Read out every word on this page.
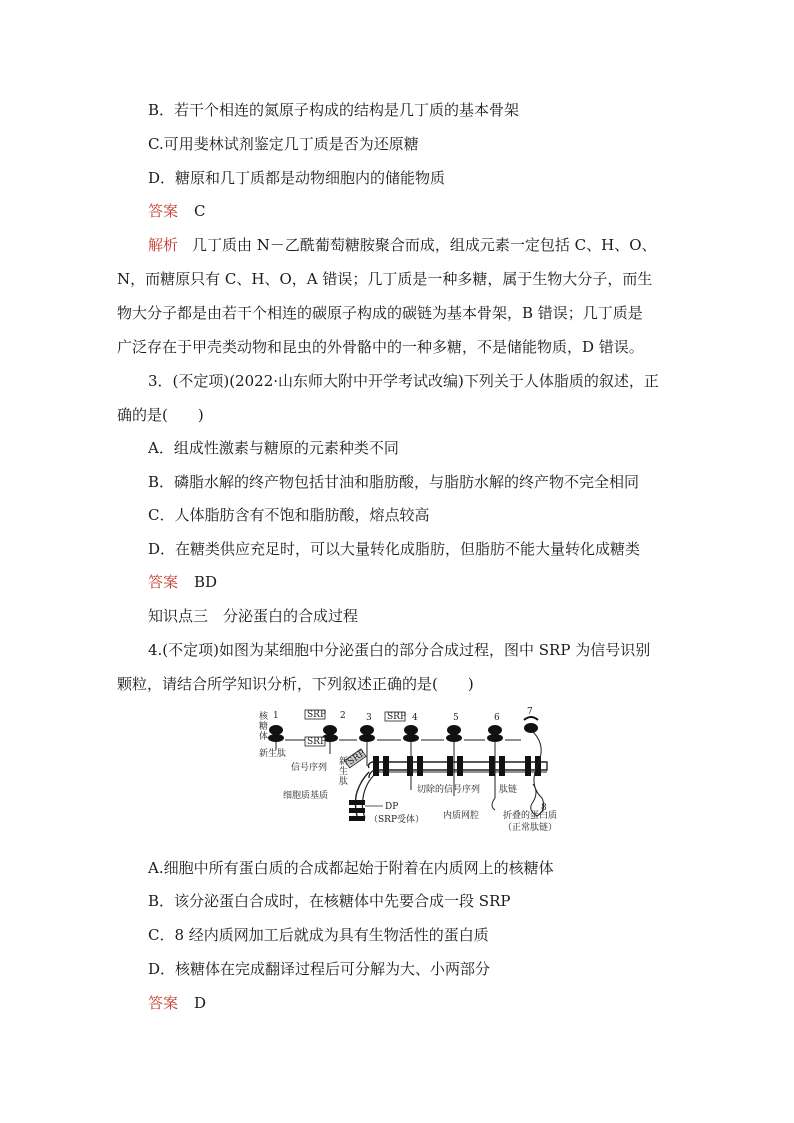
B．若干个相连的氮原子构成的结构是几丁质的基本骨架
C.可用斐林试剂鉴定几丁质是否为还原糖
D．糖原和几丁质都是动物细胞内的储能物质
答案 C
解析 几丁质由 N－乙酰葡萄糖胺聚合而成，组成元素一定包括 C、H、O、
N，而糖原只有 C、H、O，A 错误；几丁质是一种多糖，属于生物大分子，而生
物大分子都是由若干个相连的碳原子构成的碳链为基本骨架，B 错误；几丁质是
广泛存在于甲壳类动物和昆虫的外骨骼中的一种多糖，不是储能物质，D 错误。
3．(不定项)(2022·山东师大附中开学考试改编)下列关于人体脂质的叙述，正
确的是(　　)
A．组成性激素与糖原的元素种类不同
B．磷脂水解的终产物包括甘油和脂肪酸，与脂肪水解的终产物不完全相同
C．人体脂肪含有不饱和脂肪酸，熔点较高
D．在糖类供应充足时，可以大量转化成脂肪，但脂肪不能大量转化成糖类
答案 BD
知识点三　分泌蛋白的合成过程
4.(不定项)如图为某细胞中分泌蛋白的部分合成过程，图中 SRP 为信号识别
颗粒，请结合所学知识分析，下列叙述正确的是(　　)
SRP
SRP
SRP
SRP
1	2 3	4	5	6
7
8
核
糖
体
新生肽
信号序列
新
生
肽
细胞质基质
DP
（SRP受体）
切除的信号序列 肽链
内质网腔	折叠的蛋白质
（正常肽链）
A.细胞中所有蛋白质的合成都起始于附着在内质网上的核糖体
B．该分泌蛋白合成时，在核糖体中先要合成一段 SRP
C．8 经内质网加工后就成为具有生物活性的蛋白质
D．核糖体在完成翻译过程后可分解为大、小两部分
答案 D
